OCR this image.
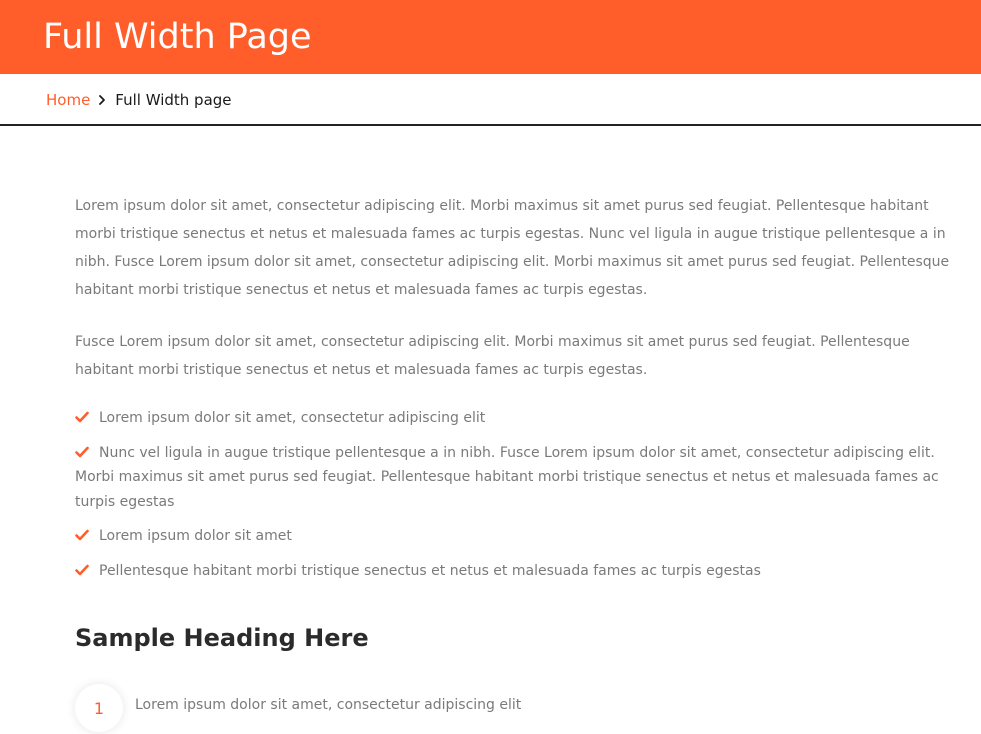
Full Width Page
Home Full Width page

Lorem ipsum dolor sit amet, consectetur adipiscing elit. Morbi maximus sit amet purus sed feugiat. Pellentesque habitant morbi tristique senectus et netus et malesuada fames ac turpis egestas. Nunc vel ligula in augue tristique pellentesque a in nibh. Fusce Lorem ipsum dolor sit amet, consectetur adipiscing elit. Morbi maximus sit amet purus sed feugiat. Pellentesque habitant morbi tristique senectus et netus et malesuada fames ac turpis egestas.

Fusce Lorem ipsum dolor sit amet, consectetur adipiscing elit. Morbi maximus sit amet purus sed feugiat. Pellentesque habitant morbi tristique senectus et netus et malesuada fames ac turpis egestas.

Lorem ipsum dolor sit amet, consectetur adipiscing elit
Nunc vel ligula in augue tristique pellentesque a in nibh. Fusce Lorem ipsum dolor sit amet, consectetur adipiscing elit. Morbi maximus sit amet purus sed feugiat. Pellentesque habitant morbi tristique senectus et netus et malesuada fames ac turpis egestas
Lorem ipsum dolor sit amet
Pellentesque habitant morbi tristique senectus et netus et malesuada fames ac turpis egestas
Sample Heading Here
1	Lorem ipsum dolor sit amet, consectetur adipiscing elit
